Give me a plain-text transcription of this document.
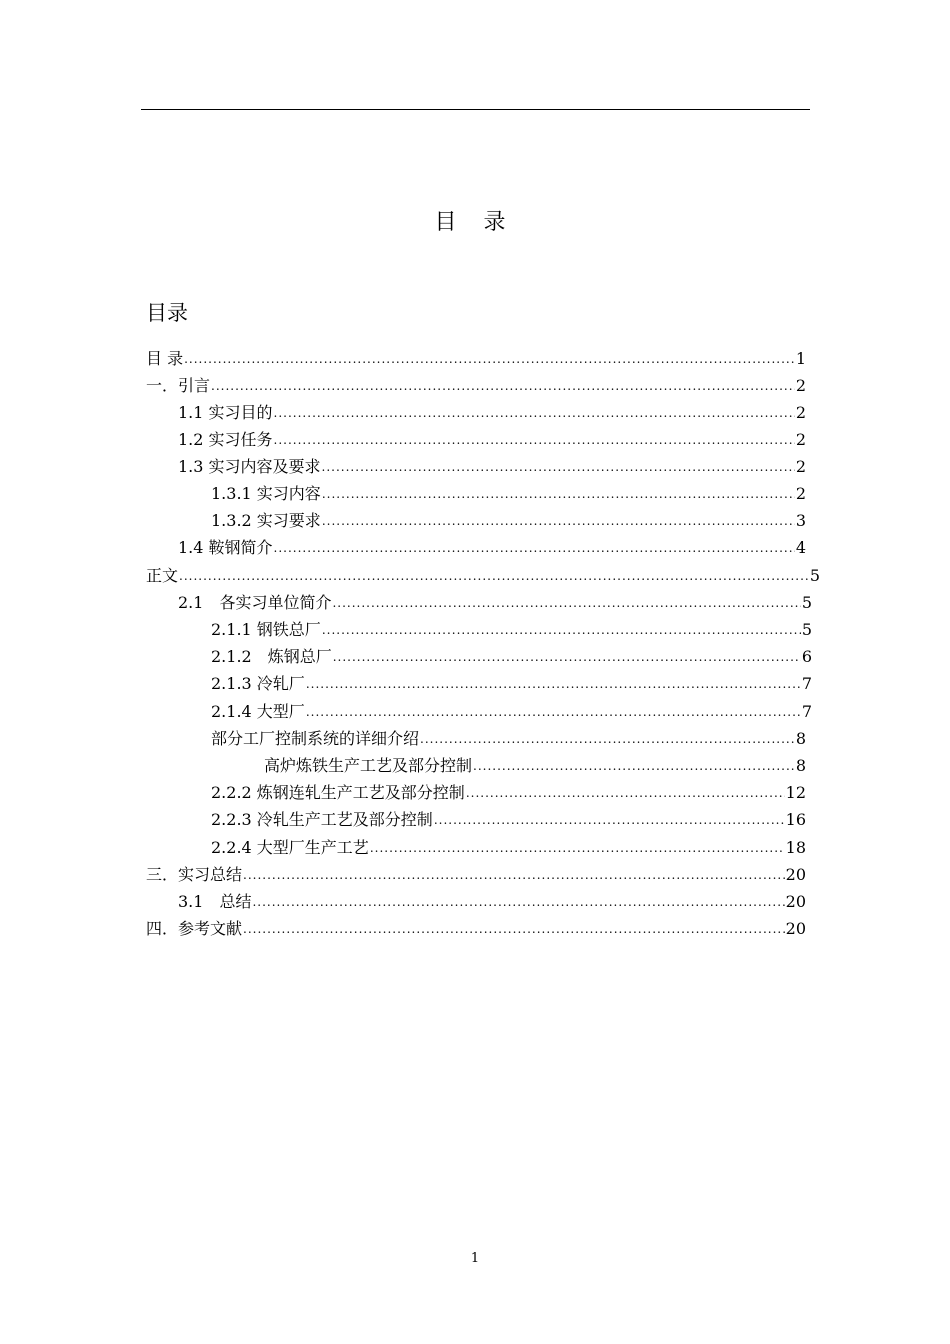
目 录
目录
目 录 .....	1
一．引言 .....	2
1.1 实习目的 .....	2
1.2 实习任务 .....	2
1.3 实习内容及要求 .....	2
1.3.1 实习内容 .....	2
1.3.2 实习要求 .....	3
1.4 鞍钢简介 .....	4
正文 .....	5
2.1　各实习单位简介 .....	5
2.1.1 钢铁总厂 .....	5
2.1.2　炼钢总厂 .....	6
2.1.3 冷轧厂 .....	7
2.1.4 大型厂 .....	7
部分工厂控制系统的详细介绍 .....	8
高炉炼铁生产工艺及部分控制 .....	8
2.2.2 炼钢连轧生产工艺及部分控制 .....	12
2.2.3 冷轧生产工艺及部分控制 .....	16
2.2.4 大型厂生产工艺 .....	18
三．实习总结 .....	20
3.1　总结 .....	20
四．参考文献 .....	20
1
